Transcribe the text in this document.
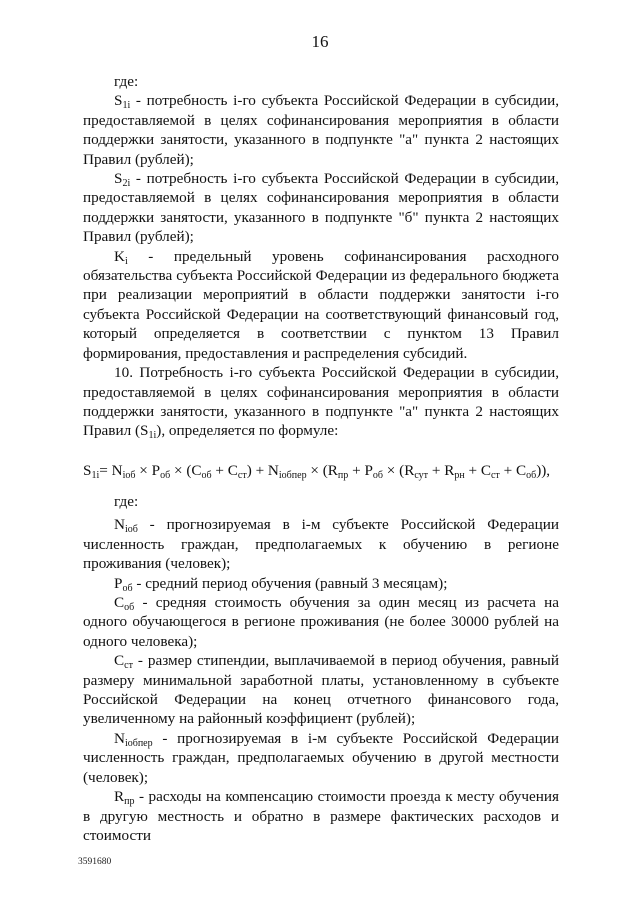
16

где:

$S_{1i}$ - потребность i-го субъекта Российской Федерации в субсидии, предоставляемой в целях софинансирования мероприятия в области поддержки занятости, указанного в подпункте "а" пункта 2 настоящих Правил (рублей);

$S_{2i}$ - потребность i-го субъекта Российской Федерации в субсидии, предоставляемой в целях софинансирования мероприятия в области поддержки занятости, указанного в подпункте "б" пункта 2 настоящих Правил (рублей);

$K_i$ - предельный уровень софинансирования расходного обязательства субъекта Российской Федерации из федерального бюджета при реализации мероприятий в области поддержки занятости i-го субъекта Российской Федерации на соответствующий финансовый год, который определяется в соответствии с пунктом 13 Правил формирования, предоставления и распределения субсидий.

10. Потребность i-го субъекта Российской Федерации в субсидии, предоставляемой в целях софинансирования мероприятия в области поддержки занятости, указанного в подпункте "а" пункта 2 настоящих Правил $(S_{1i})$, определяется по формуле:

$S_{1i}= N_{iоб} \times P_{об} \times (C_{об} + C_{ст}) + N_{iобпер} \times (R_{пр} + P_{об} \times (R_{сут} + R_{рн} + C_{ст} + C_{об}))$,

где:

$N_{iоб}$ - прогнозируемая в i-м субъекте Российской Федерации численность граждан, предполагаемых к обучению в регионе проживания (человек);

$P_{об}$ - средний период обучения (равный 3 месяцам);

$C_{об}$ - средняя стоимость обучения за один месяц из расчета на одного обучающегося в регионе проживания (не более 30000 рублей на одного человека);

$C_{ст}$ - размер стипендии, выплачиваемой в период обучения, равный размеру минимальной заработной платы, установленному в субъекте Российской Федерации на конец отчетного финансового года, увеличенному на районный коэффициент (рублей);

$N_{iобпер}$ - прогнозируемая в i-м субъекте Российской Федерации численность граждан, предполагаемых обучению в другой местности (человек);

$R_{пр}$ - расходы на компенсацию стоимости проезда к месту обучения в другую местность и обратно в размере фактических расходов и стоимости

3591680
